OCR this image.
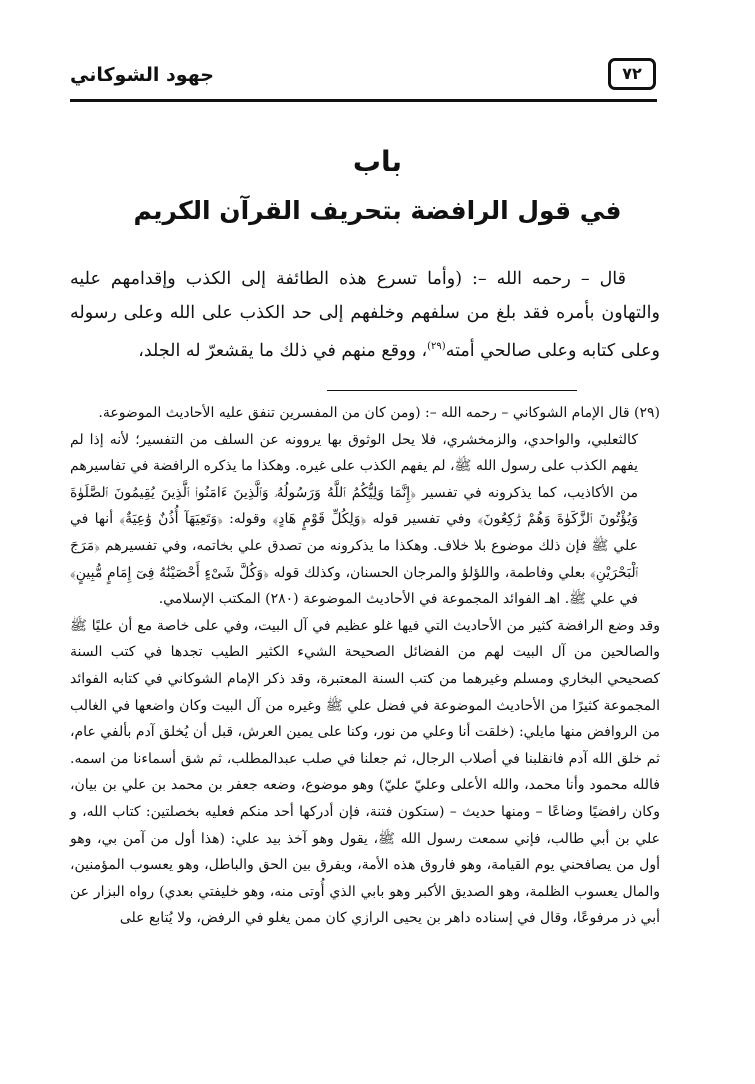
٧٢
جهود الشوكاني
باب
في قول الرافضة بتحريف القرآن الكريم

قال – رحمه الله –: (وأما تسرع هذه الطائفة إلى الكذب وإقدامهم عليه والتهاون بأمره فقد بلغ من سلفهم وخلفهم إلى حد الكذب على الله وعلى رسوله وعلى كتابه وعلى صالحي أمته$^{(٢٩)}$، ووقع منهم في ذلك ما يقشعرّ له الجلد،

(٢٩) قال الإمام الشوكاني – رحمه الله –: (ومن كان من المفسرين تنفق عليه الأحاديث الموضوعة.

كالثعلبي، والواحدي، والزمخشري، فلا يحل الوثوق بها يروونه عن السلف من التفسير؛ لأنه إذا لم يفهم الكذب على رسول الله ﷺ، لم يفهم الكذب على غيره. وهكذا ما يذكره الرافضة في تفاسيرهم من الأكاذيب، كما يذكرونه في تفسير ﴿إِنَّمَا وَلِيُّكُمُ ٱللَّهُ وَرَسُولُهُۥ وَٱلَّذِينَ ءَامَنُوا۟ ٱلَّذِينَ يُقِيمُونَ ٱلصَّلَوٰةَ وَيُؤْتُونَ ٱلزَّكَوٰةَ وَهُمْ رَٰكِعُونَ﴾ وفي تفسير قوله ﴿وَلِكُلِّ قَوْمٍ هَادٍ﴾ وقوله: ﴿وَتَعِيَهَآ أُذُنٌ وَٰعِيَةٌ﴾ أنها في علي ﷺ فإن ذلك موضوع بلا خلاف. وهكذا ما يذكرونه من تصدق علي بخاتمه، وفي تفسيرهم ﴿مَرَجَ ٱلْبَحْرَيْنِ﴾ بعلي وفاطمة، واللؤلؤ والمرجان الحسنان، وكذلك قوله ﴿وَكُلَّ شَىْءٍ أَحْصَيْنَٰهُ فِىٓ إِمَامٍ مُّبِينٍ﴾ في علي ﷺ. اهـ الفوائد المجموعة في الأحاديث الموضوعة (٢٨٠) المكتب الإسلامي.

وقد وضع الرافضة كثير من الأحاديث التي فيها غلو عظيم في آل البيت، وفي على خاصة مع أن عليًا ﷺ والصالحين من آل البيت لهم من الفضائل الصحيحة الشيء الكثير الطيب تجدها في كتب السنة كصحيحي البخاري ومسلم وغيرهما من كتب السنة المعتبرة، وقد ذكر الإمام الشوكاني في كتابه الفوائد المجموعة كثيرًا من الأحاديث الموضوعة في فضل علي ﷺ وغيره من آل البيت وكان واضعها في الغالب من الروافض منها مايلي: (خلقت أنا وعلي من نور، وكنا على يمين العرش، قبل أن يُخلق آدم بألفي عام، ثم خلق الله آدم فانقلبنا في أصلاب الرجال، ثم جعلنا في صلب عبدالمطلب، ثم شق أسماءنا من اسمه. فالله محمود وأنا محمد، والله الأعلى وعليّ عليّ) وهو موضوع، وضعه جعفر بن محمد بن علي بن بيان، وكان رافضيًا وضاعًا – ومنها حديث – (ستكون فتنة، فإن أدركها أحد منكم فعليه بخصلتين: كتاب الله، و علي بن أبي طالب، فإني سمعت رسول الله ﷺ، يقول وهو آخذ بيد علي: (هذا أول من آمن بي، وهو أول من يصافحني يوم القيامة، وهو فاروق هذه الأمة، ويفرق بين الحق والباطل، وهو يعسوب المؤمنين، والمال يعسوب الظلمة، وهو الصديق الأكبر وهو بابي الذي أُوتى منه، وهو خليفتي بعدي) رواه البزار عن أبي ذر مرفوعًا، وقال في إسناده داهر بن يحيى الرازي كان ممن يغلو في الرفض، ولا يُتابع على
